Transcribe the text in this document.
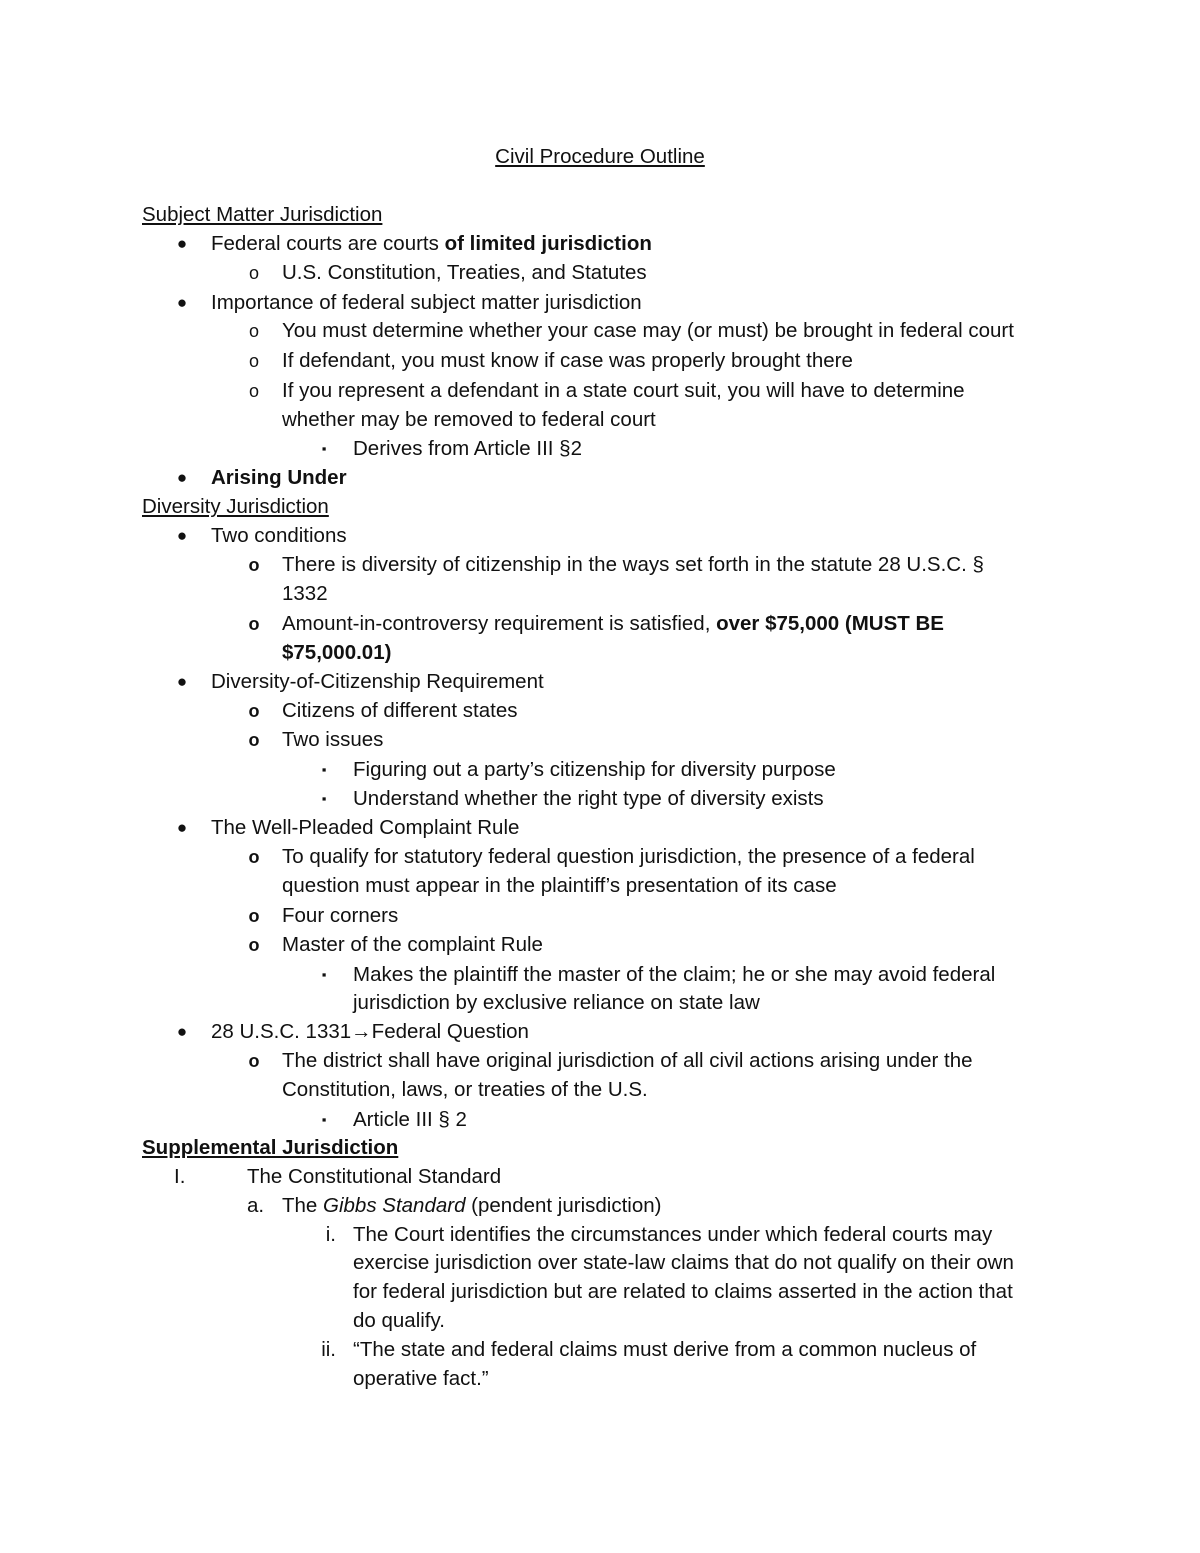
Civil Procedure Outline
Subject Matter Jurisdiction
● Federal courts are courts of limited jurisdiction
o U.S. Constitution, Treaties, and Statutes
● Importance of federal subject matter jurisdiction
o You must determine whether your case may (or must) be brought in federal court
o If defendant, you must know if case was properly brought there
o If you represent a defendant in a state court suit, you will have to determine
whether may be removed to federal court
▪	Derives from Article III §2
● Arising Under
Diversity Jurisdiction
● Two conditions
o There is diversity of citizenship in the ways set forth in the statute 28 U.S.C. §
1332
o Amount-in-controversy requirement is satisfied, over $75,000 (MUST BE
$75,000.01)
● Diversity-of-Citizenship Requirement
o Citizens of different states
o Two issues
▪	Figuring out a party’s citizenship for diversity purpose
▪	Understand whether the right type of diversity exists
● The Well-Pleaded Complaint Rule
o To qualify for statutory federal question jurisdiction, the presence of a federal
question must appear in the plaintiff’s presentation of its case
o Four corners
o Master of the complaint Rule
▪	Makes the plaintiff the master of the claim; he or she may avoid federal
jurisdiction by exclusive reliance on state law
● 28 U.S.C. 1331→Federal Question
o The district shall have original jurisdiction of all civil actions arising under the
Constitution, laws, or treaties of the U.S.
▪	Article III § 2
Supplemental Jurisdiction
I.	The Constitutional Standard
a. The Gibbs Standard (pendent jurisdiction)
i. The Court identifies the circumstances under which federal courts may
exercise jurisdiction over state-law claims that do not qualify on their own
for federal jurisdiction but are related to claims asserted in the action that
do qualify.
ii. “The state and federal claims must derive from a common nucleus of
operative fact.”
